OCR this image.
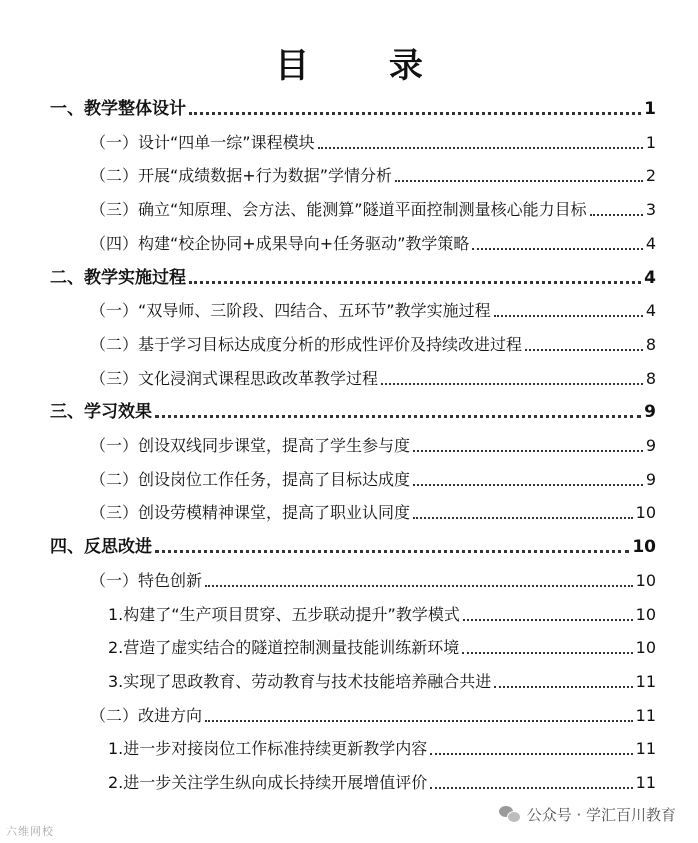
目 录
一、教学整体设计	1
（一）设计“四单一综”课程模块	1
（二）开展“成绩数据+行为数据”学情分析	2
（三）确立“知原理、会方法、能测算”隧道平面控制测量核心能力目标	3
（四）构建“校企协同+成果导向+任务驱动”教学策略	4
二、教学实施过程	4
（一）“双导师、三阶段、四结合、五环节”教学实施过程	4
（二）基于学习目标达成度分析的形成性评价及持续改进过程	8
（三）文化浸润式课程思政改革教学过程	8
三、学习效果	9
（一）创设双线同步课堂，提高了学生参与度	9
（二）创设岗位工作任务，提高了目标达成度	9
（三）创设劳模精神课堂，提高了职业认同度	10
四、反思改进	10
（一）特色创新	10
1.构建了“生产项目贯穿、五步联动提升”教学模式	10
2.营造了虚实结合的隧道控制测量技能训练新环境	10
3.实现了思政教育、劳动教育与技术技能培养融合共进	11
（二）改进方向	11
1.进一步对接岗位工作标准持续更新教学内容	11
2.进一步关注学生纵向成长持续开展增值评价	11
公众号 · 学汇百川教育
六维网校
